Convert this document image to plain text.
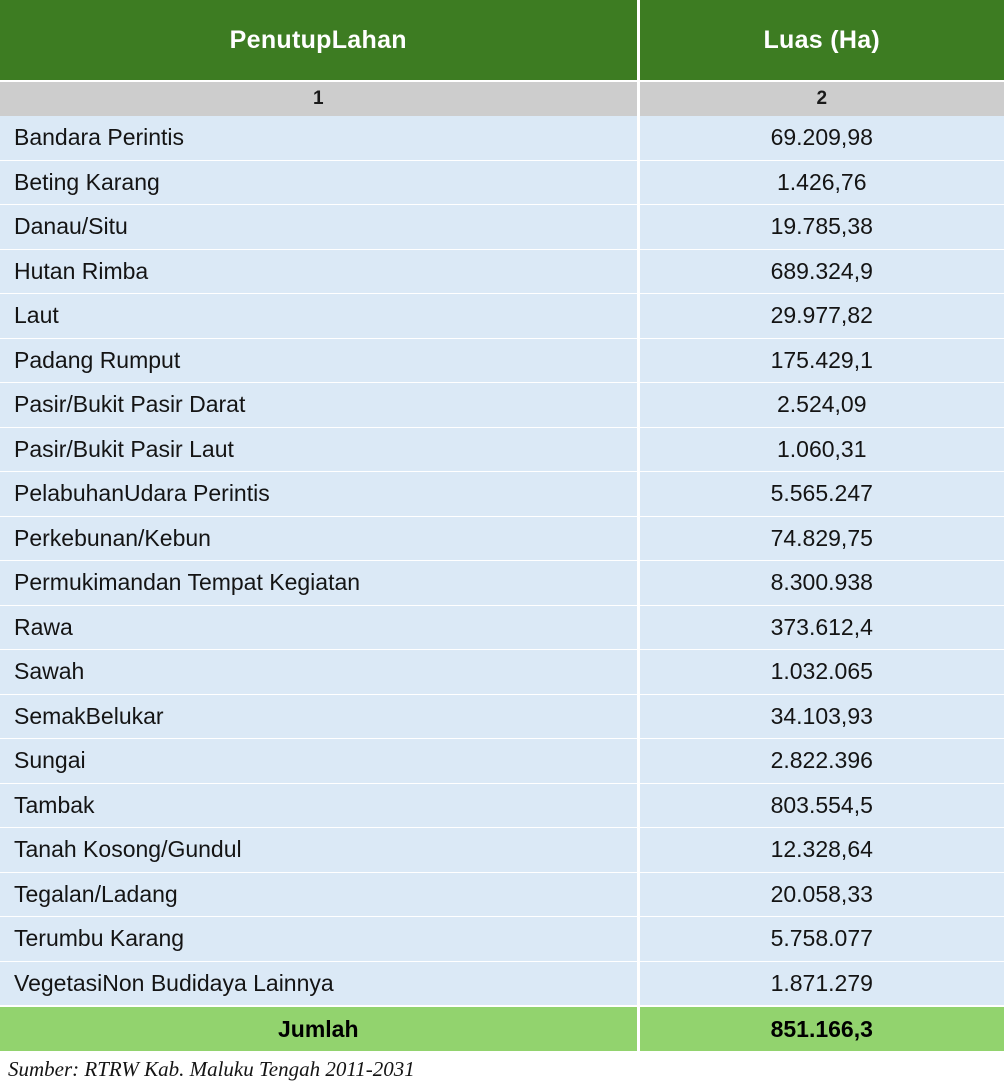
PenutupLahan	Luas (Ha)
1	2
Bandara Perintis	69.209,98
Beting Karang	1.426,76
Danau/Situ	19.785,38
Hutan Rimba	689.324,9
Laut	29.977,82
Padang Rumput	175.429,1
Pasir/Bukit Pasir Darat	2.524,09
Pasir/Bukit Pasir Laut	1.060,31
PelabuhanUdara Perintis	5.565.247
Perkebunan/Kebun	74.829,75
Permukimandan Tempat Kegiatan	8.300.938
Rawa	373.612,4
Sawah	1.032.065
SemakBelukar	34.103,93
Sungai	2.822.396
Tambak	803.554,5
Tanah Kosong/Gundul	12.328,64
Tegalan/Ladang	20.058,33
Terumbu Karang	5.758.077
VegetasiNon Budidaya Lainnya	1.871.279
Jumlah	851.166,3
Sumber: RTRW Kab. Maluku Tengah 2011-2031
